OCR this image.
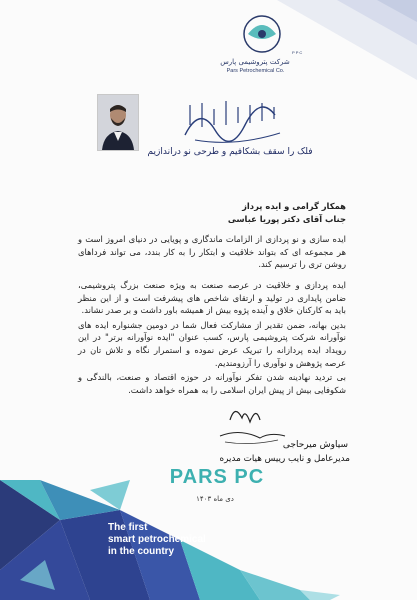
P P C
شرکت پتروشیمی پارس
Pars Petrochemical Co.
فلک را سقف بشکافیم و طرحی نو دراندازیم
همکار گرامی و ایده پرداز
جناب آقای دکتر پوریا عباسی

ایده سازی و نو پردازی از الزامات ماندگاری و پویایی در دنیای امروز است و هر مجموعه ای که بتواند خلاقیت و ابتکار را به کار بندد، می تواند فرداهای روشن تری را ترسیم کند.

ایده پردازی و خلاقیت در عرصه صنعت به ویژه صنعت بزرگ پتروشیمی، ضامن پایداری در تولید و ارتقای شاخص های پیشرفت است و از این منظر باید به کارکنان خلاق و آینده پژوه بیش از همیشه باور داشت و بر صدر نشاند.

بدین بهانه، ضمن تقدیر از مشارکت فعال شما در دومین جشنواره ایده های نوآورانه شرکت پتروشیمی پارس، کسب عنوان "ایده نوآورانه برتر" در این رویداد ایده پردازانه را تبریک عرض نموده و استمرار نگاه و تلاش تان در عرصه پژوهش و نوآوری را آرزومندیم.

بی تردید نهادینه شدن تفکر نوآورانه در حوزه اقتصاد و صنعت، بالندگی و شکوفایی بیش از پیش ایران اسلامی را به همراه خواهد داشت.

سیاوش میرحاجی
مدیرعامل و نایب رییس هیات مدیره
PARS PC
دی ماه ۱۴۰۳
The first
smart petrochemical
in the country
